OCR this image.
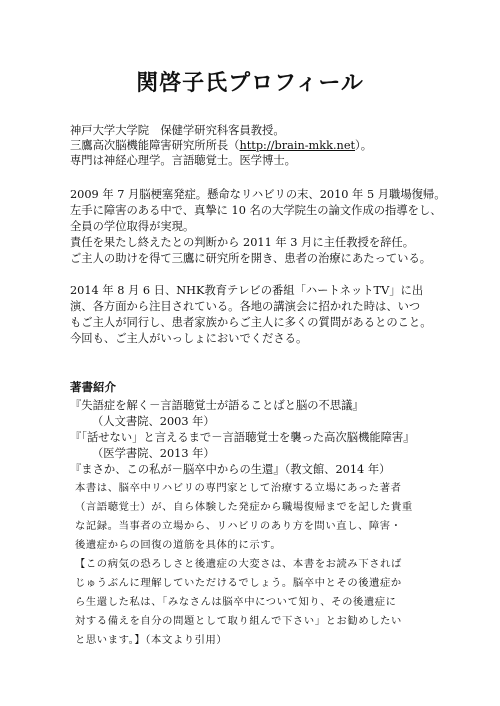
関啓子氏プロフィール
神戸大学大学院　保健学研究科客員教授。
三鷹高次脳機能障害研究所所長（http://brain-mkk.net）。
専門は神経心理学。言語聴覚士。医学博士。
2009 年 7 月脳梗塞発症。懸命なリハビリの末、2010 年 5 月職場復帰。
左手に障害のある中で、真摯に 10 名の大学院生の論文作成の指導をし、
全員の学位取得が実現。
責任を果たし終えたとの判断から 2011 年 3 月に主任教授を辞任。
ご主人の助けを得て三鷹に研究所を開き、患者の治療にあたっている。
2014 年 8 月 6 日、NHK教育テレビの番組「ハートネットTV」に出
演、各方面から注目されている。各地の講演会に招かれた時は、いつ
もご主人が同行し、患者家族からご主人に多くの質問があるとのこと。
今回も、ご主人がいっしょにおいでくださる。
著書紹介
『失語症を解く－言語聴覚士が語ることばと脳の不思議』
（人文書院、2003 年）
『「話せない」と言えるまで－言語聴覚士を襲った高次脳機能障害』
（医学書院、2013 年）
『まさか、この私が－脳卒中からの生還』（教文館、2014 年）
本書は、脳卒中リハビリの専門家として治療する立場にあった著者
（言語聴覚士）が、自ら体験した発症から職場復帰までを記した貴重
な記録。当事者の立場から、リハビリのあり方を問い直し、障害・
後遺症からの回復の道筋を具体的に示す。
【この病気の恐ろしさと後遺症の大変さは、本書をお読み下されば
じゅうぶんに理解していただけるでしょう。脳卒中とその後遺症か
ら生還した私は、「みなさんは脳卒中について知り、その後遺症に
対する備えを自分の問題として取り組んで下さい」とお勧めしたい
と思います。】（本文より引用）
